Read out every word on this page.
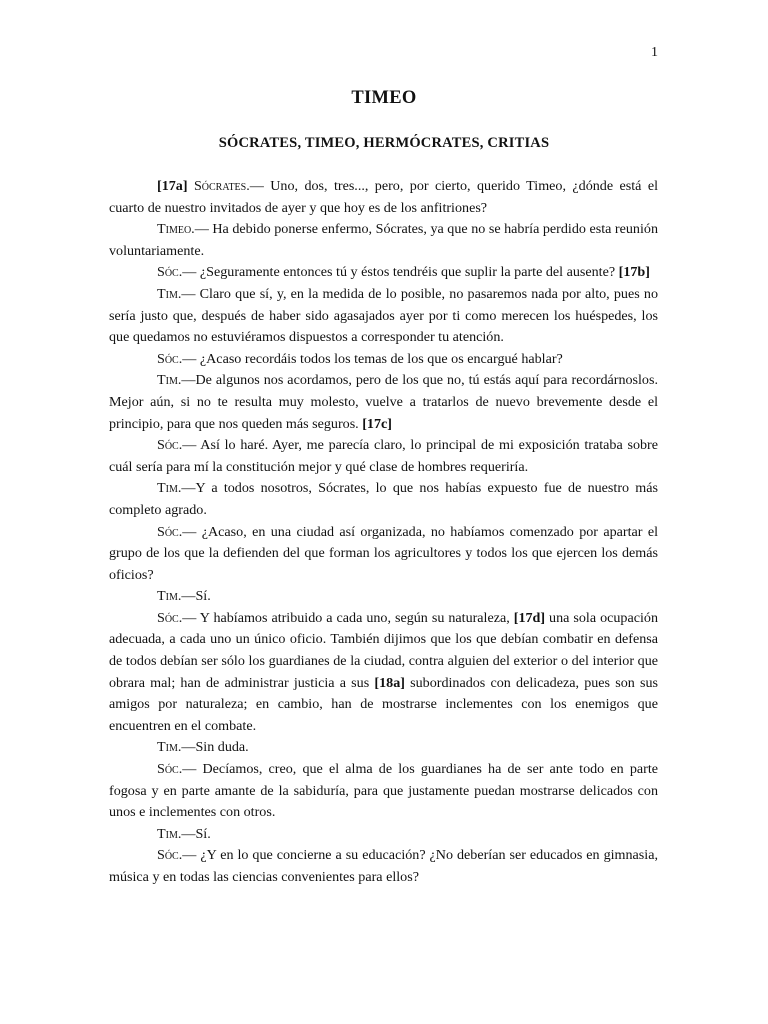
1
TIMEO
SÓCRATES, TIMEO, HERMÓCRATES, CRITIAS

[17a] Sócrates.— Uno, dos, tres..., pero, por cierto, querido Timeo, ¿dónde está el cuarto de nuestro invitados de ayer y que hoy es de los anfitriones?

Timeo.— Ha debido ponerse enfermo, Sócrates, ya que no se habría perdido esta reunión voluntariamente.

Sóc.— ¿Seguramente entonces tú y éstos tendréis que suplir la parte del ausente? [17b]

Tim.— Claro que sí, y, en la medida de lo posible, no pasaremos nada por alto, pues no sería justo que, después de haber sido agasajados ayer por ti como merecen los huéspedes, los que quedamos no estuviéramos dispuestos a corresponder tu atención.

Sóc.— ¿Acaso recordáis todos los temas de los que os encargué hablar?

Tim.—De algunos nos acordamos, pero de los que no, tú estás aquí para recordárnoslos. Mejor aún, si no te resulta muy molesto, vuelve a tratarlos de nuevo brevemente desde el principio, para que nos queden más seguros. [17c]

Sóc.— Así lo haré. Ayer, me parecía claro, lo principal de mi exposición trataba sobre cuál sería para mí la constitución mejor y qué clase de hombres requeriría.

Tim.—Y a todos nosotros, Sócrates, lo que nos habías expuesto fue de nuestro más completo agrado.

Sóc.— ¿Acaso, en una ciudad así organizada, no habíamos comenzado por apartar el grupo de los que la defienden del que forman los agricultores y todos los que ejercen los demás oficios?

Tim.—Sí.

Sóc.— Y habíamos atribuido a cada uno, según su naturaleza, [17d] una sola ocupación adecuada, a cada uno un único oficio. También dijimos que los que debían combatir en defensa de todos debían ser sólo los guardianes de la ciudad, contra alguien del exterior o del interior que obrara mal; han de administrar justicia a sus [18a] subordinados con delicadeza, pues son sus amigos por naturaleza; en cambio, han de mostrarse inclementes con los enemigos que encuentren en el combate.

Tim.—Sin duda.

Sóc.— Decíamos, creo, que el alma de los guardianes ha de ser ante todo en parte fogosa y en parte amante de la sabiduría, para que justamente puedan mostrarse delicados con unos e inclementes con otros.

Tim.—Sí.

Sóc.— ¿Y en lo que concierne a su educación? ¿No deberían ser educados en gimnasia, música y en todas las ciencias convenientes para ellos?
